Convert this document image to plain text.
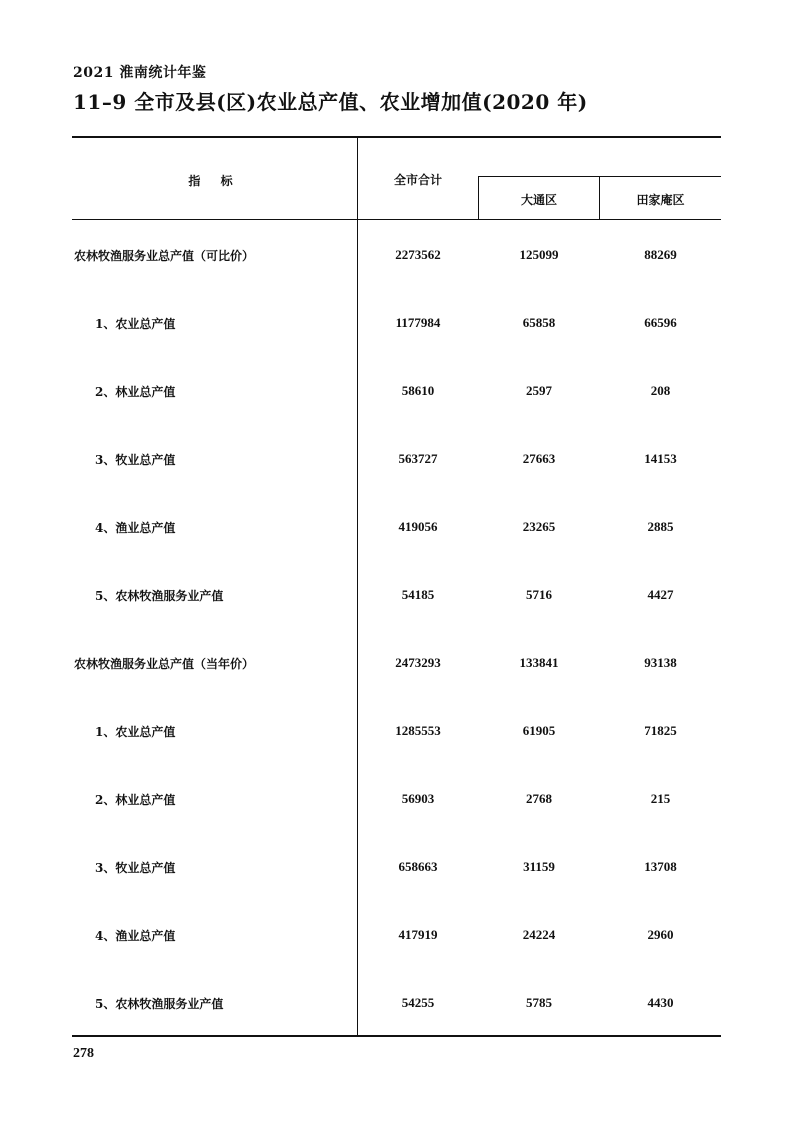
2021 淮南统计年鉴
11–9 全市及县(区)农业总产值、农业增加值(2020 年)
指 标	全市合计
大通区	田家庵区
农林牧渔服务业总产值（可比价）	2273562	125099	88269
1、农业总产值	1177984	65858	66596
2、林业总产值	58610	2597	208
3、牧业总产值	563727	27663	14153
4、渔业总产值	419056	23265	2885
5、农林牧渔服务业产值	54185	5716	4427
农林牧渔服务业总产值（当年价）	2473293	133841	93138
1、农业总产值	1285553	61905	71825
2、林业总产值	56903	2768	215
3、牧业总产值	658663	31159	13708
4、渔业总产值	417919	24224	2960
5、农林牧渔服务业产值	54255	5785	4430
278
